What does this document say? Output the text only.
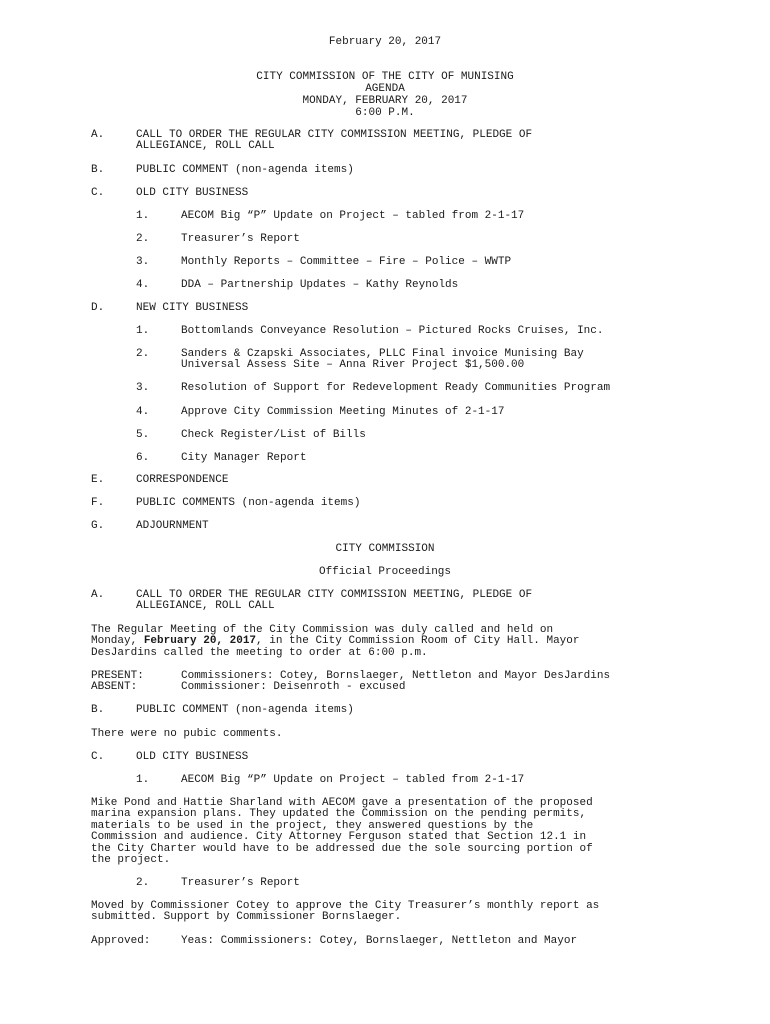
February 20, 2017
CITY COMMISSION OF THE CITY OF MUNISING
AGENDA
MONDAY, FEBRUARY 20, 2017
6:00 P.M.
A.	CALL TO ORDER THE REGULAR CITY COMMISSION MEETING, PLEDGE OF
ALLEGIANCE, ROLL CALL
B.	PUBLIC COMMENT (non-agenda items)
C.	OLD CITY BUSINESS
1.	AECOM Big “P” Update on Project – tabled from 2-1-17
2.	Treasurer’s Report
3.	Monthly Reports – Committee – Fire – Police – WWTP
4.	DDA – Partnership Updates – Kathy Reynolds
D.	NEW CITY BUSINESS
1.	Bottomlands Conveyance Resolution – Pictured Rocks Cruises, Inc.
2.	Sanders & Czapski Associates, PLLC Final invoice Munising Bay
Universal Assess Site – Anna River Project $1,500.00
3.	Resolution of Support for Redevelopment Ready Communities Program
4.	Approve City Commission Meeting Minutes of 2-1-17
5.	Check Register/List of Bills
6.	City Manager Report
E.	CORRESPONDENCE
F.	PUBLIC COMMENTS (non-agenda items)
G.	ADJOURNMENT
CITY COMMISSION
Official Proceedings
A.	CALL TO ORDER THE REGULAR CITY COMMISSION MEETING, PLEDGE OF
ALLEGIANCE, ROLL CALL
The Regular Meeting of the City Commission was duly called and held on
Monday, February 20, 2017, in the City Commission Room of City Hall. Mayor
DesJardins called the meeting to order at 6:00 p.m.
PRESENT:	Commissioners: Cotey, Bornslaeger, Nettleton and Mayor DesJardins
ABSENT:	Commissioner: Deisenroth - excused
B.	PUBLIC COMMENT (non-agenda items)
There were no pubic comments.
C.	OLD CITY BUSINESS
1.	AECOM Big “P” Update on Project – tabled from 2-1-17
Mike Pond and Hattie Sharland with AECOM gave a presentation of the proposed
marina expansion plans. They updated the Commission on the pending permits,
materials to be used in the project, they answered questions by the
Commission and audience. City Attorney Ferguson stated that Section 12.1 in
the City Charter would have to be addressed due the sole sourcing portion of
the project.
2.	Treasurer’s Report
Moved by Commissioner Cotey to approve the City Treasurer’s monthly report as
submitted. Support by Commissioner Bornslaeger.
Approved:	Yeas: Commissioners: Cotey, Bornslaeger, Nettleton and Mayor
